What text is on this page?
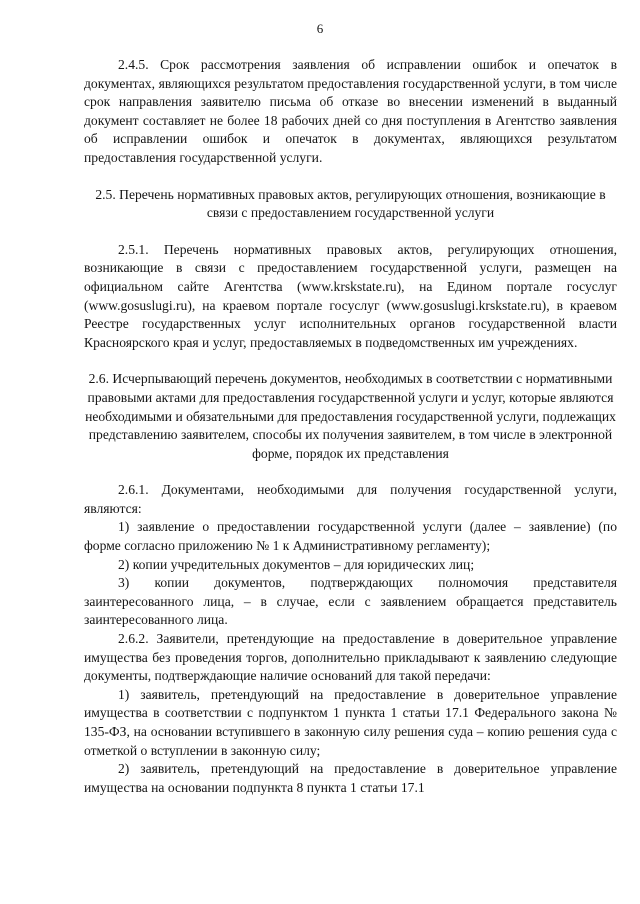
6

2.4.5. Срок рассмотрения заявления об исправлении ошибок и опечаток в документах, являющихся результатом предоставления государственной услуги, в том числе срок направления заявителю письма об отказе во внесении изменений в выданный документ составляет не более 18 рабочих дней со дня поступления в Агентство заявления об исправлении ошибок и опечаток в документах, являющихся результатом предоставления государственной услуги.

2.5. Перечень нормативных правовых актов, регулирующих отношения, возникающие в связи с предоставлением государственной услуги

2.5.1. Перечень нормативных правовых актов, регулирующих отношения, возникающие в связи с предоставлением государственной услуги, размещен на официальном сайте Агентства (www.krskstate.ru), на Едином портале госуслуг (www.gosuslugi.ru), на краевом портале госуслуг (www.gosuslugi.krskstate.ru), в краевом Реестре государственных услуг исполнительных органов государственной власти Красноярского края и услуг, предоставляемых в подведомственных им учреждениях.

2.6. Исчерпывающий перечень документов, необходимых в соответствии с нормативными правовыми актами для предоставления государственной услуги и услуг, которые являются необходимыми и обязательными для предоставления государственной услуги, подлежащих представлению заявителем, способы их получения заявителем, в том числе в электронной форме, порядок их представления

2.6.1. Документами, необходимыми для получения государственной услуги, являются:

1) заявление о предоставлении государственной услуги (далее – заявление) (по форме согласно приложению № 1 к Административному регламенту);

2) копии учредительных документов – для юридических лиц;

3) копии документов, подтверждающих полномочия представителя заинтересованного лица, – в случае, если с заявлением обращается представитель заинтересованного лица.

2.6.2. Заявители, претендующие на предоставление в доверительное управление имущества без проведения торгов, дополнительно прикладывают к заявлению следующие документы, подтверждающие наличие оснований для такой передачи:

1) заявитель, претендующий на предоставление в доверительное управление имущества в соответствии с подпунктом 1 пункта 1 статьи 17.1 Федерального закона № 135-ФЗ, на основании вступившего в законную силу решения суда – копию решения суда с отметкой о вступлении в законную силу;

2) заявитель, претендующий на предоставление в доверительное управление имущества на основании подпункта 8 пункта 1 статьи 17.1
